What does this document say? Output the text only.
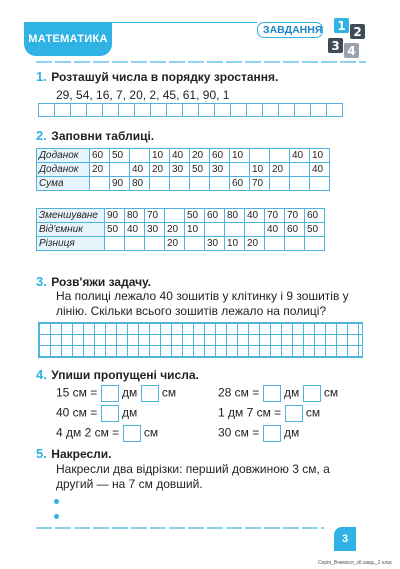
МАТЕМАТИКА
ЗАВДАННЯ 1 2
3 4
1. Розташуй числа в порядку зростання.
29, 54, 16, 7, 20, 2, 45, 61, 90, 1
2. Заповни таблиці.
Доданок	60	50		10	40	20	60	10			40	10
Доданок	20		40	20	30	50	30		10	20		40
Сума		90	80					60	70			
Зменшуване	90	80	70		50	60	80	40	70	70	60
Від'ємник	50	40	30	20	10				40	60	50
Різниця				20		30	10	20			
3. Розв'яжи задачу.
На полиці лежало 40 зошитів у клітинку і 9 зошитів у лінію. Скільки всього зошитів лежало на полиці?
4. Упиши пропущені числа.
15 см = дм см
40 см = дм
4 дм 2 см = см
28 см = дм см
1 дм 7 см = см
30 см = дм
5. Накресли.
Накресли два відрізки: перший довжиною 3 см, а другий — на 7 см довший.
3
Серія_Вчимося_зб.завд._2 клас
